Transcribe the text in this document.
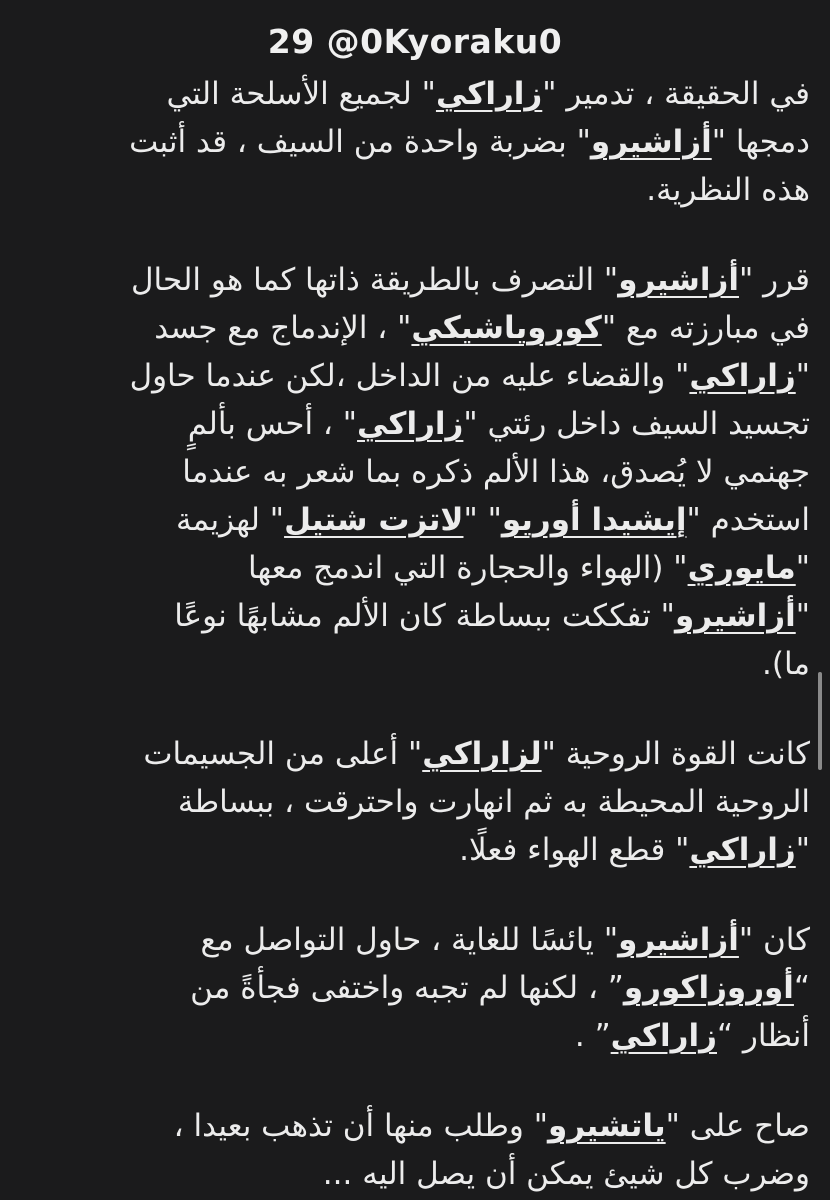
29 @0Kyoraku0

في الحقيقة ، تدمير "زاراكي" لجميع الأسلحة التي دمجها "أزاشيرو" بضربة واحدة من السيف ، قد أثبت هذه النظرية.

قرر "أزاشيرو" التصرف بالطريقة ذاتها كما هو الحال في مبارزته مع "كوروياشيكي" ، الإندماج مع جسد "زاراكي" والقضاء عليه من الداخل ،لكن عندما حاول تجسيد السيف داخل رئتي "زاراكي" ، أحس بألمٍ جهنمي لا يُصدق، هذا الألم ذكره بما شعر به عندما استخدم "إيشيدا أوريو" "لاتزت شتيل" لهزيمة "مايوري" (الهواء والحجارة التي اندمج معها "أزاشيرو" تفككت ببساطة كان الألم مشابهًا نوعًا ما).

كانت القوة الروحية "لزاراكي" أعلى من الجسيمات الروحية المحيطة به ثم انهارت واحترقت ، ببساطة "زاراكي" قطع الهواء فعلًا.

كان "أزاشيرو" يائسًا للغاية ، حاول التواصل مع “أوروزاكورو” ، لكنها لم تجبه واختفى فجأةً من أنظار “زاراكي” .

صاح على "ياتشيرو" وطلب منها أن تذهب بعيدا ، وضرب كل شيئ يمكن أن يصل اليه ...
